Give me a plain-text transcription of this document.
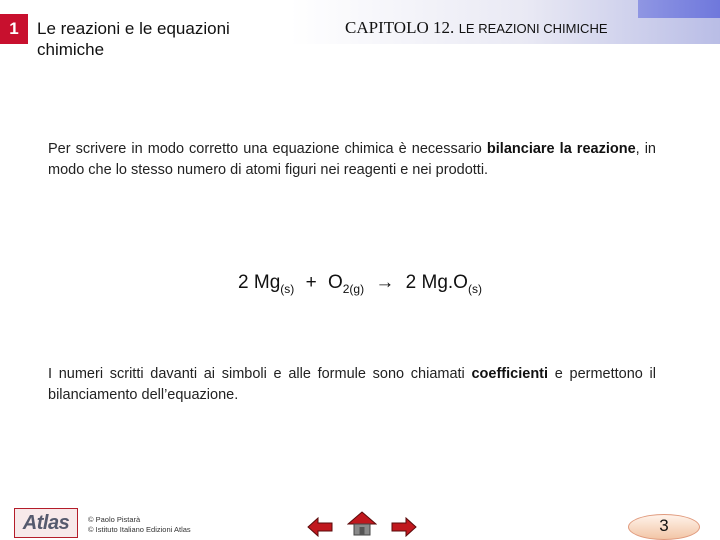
1 Le reazioni e le equazioni chimiche
CAPITOLO 12. LE REAZIONI CHIMICHE
Per scrivere in modo corretto una equazione chimica è necessario bilanciare la reazione, in modo che lo stesso numero di atomi figuri nei reagenti e nei prodotti.
2 $Mg_{(s)} + O_{2(g)} \to 2$ $Mg.O_{(s)}$
I numeri scritti davanti ai simboli e alle formule sono chiamati coefficienti e permettono il bilanciamento dell’equazione.
Atlas	© Paolo Pistarà
© Istituto Italiano Edizioni Atlas	3
